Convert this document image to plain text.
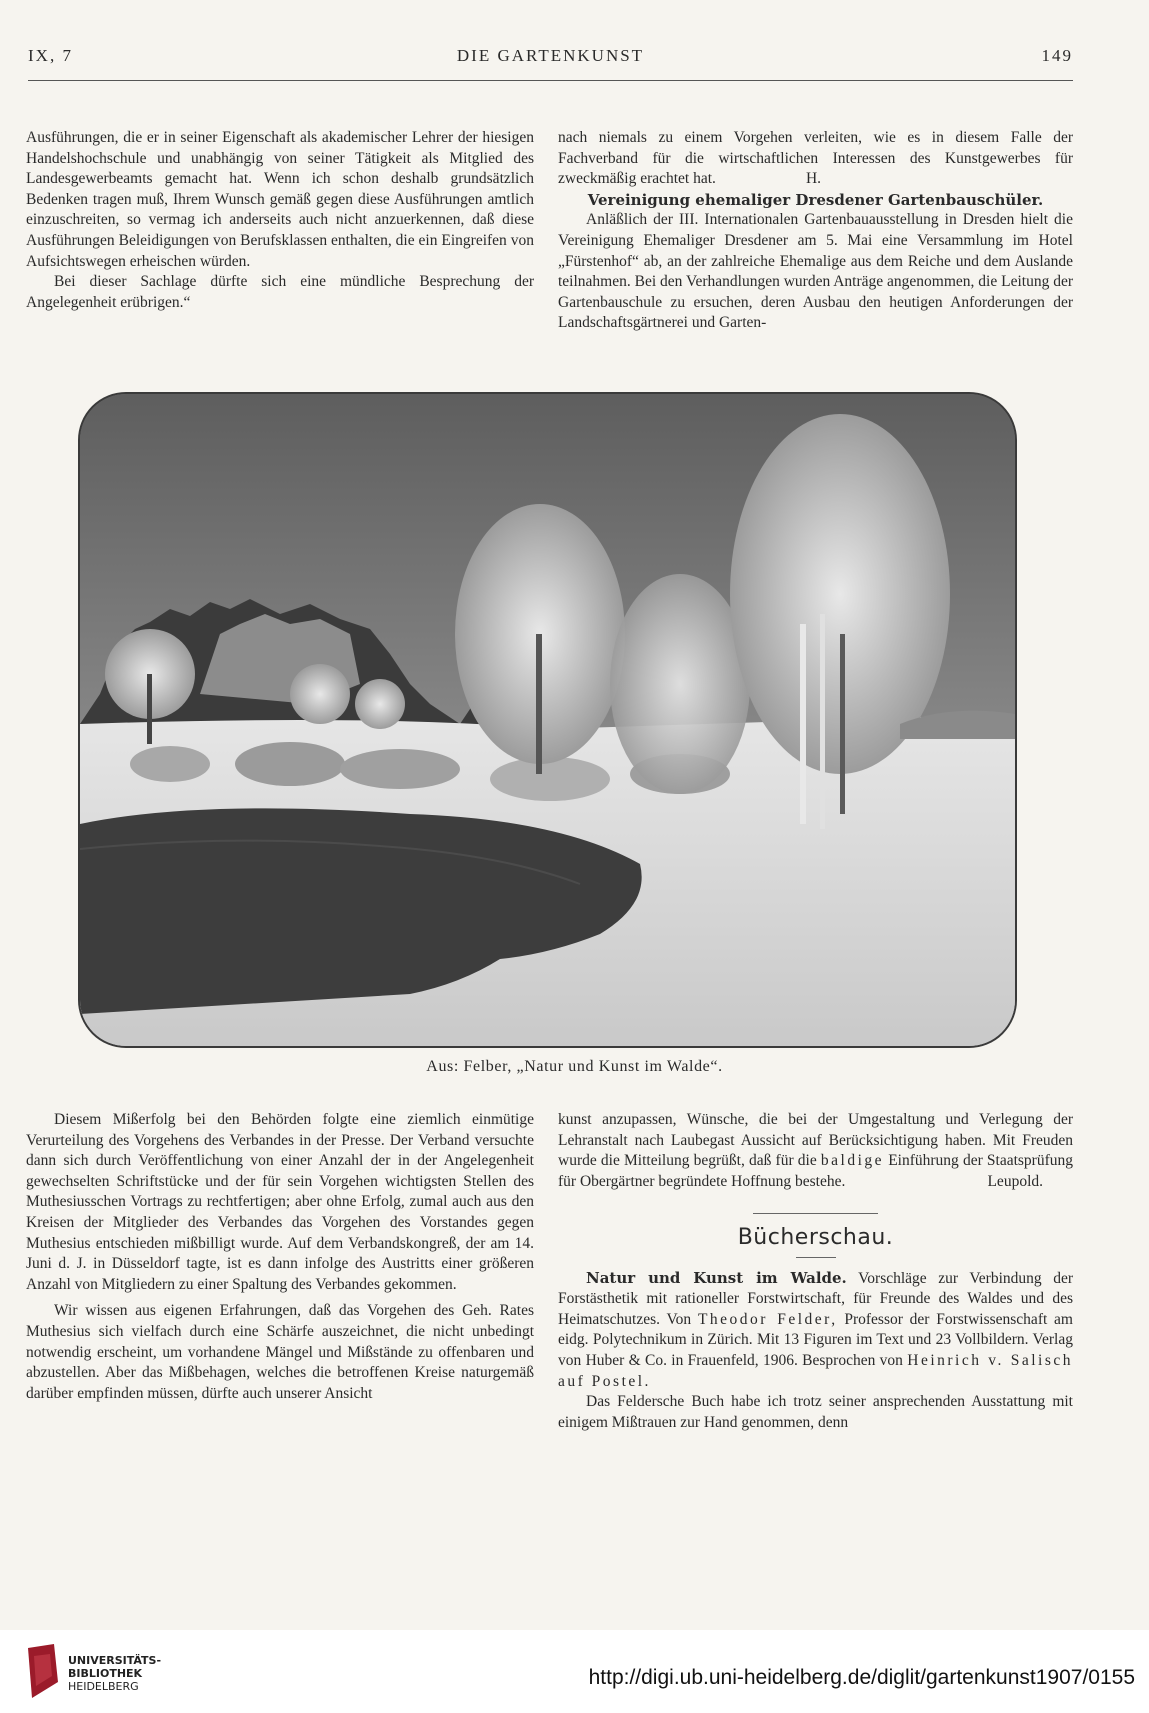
IX, 7	DIE GARTENKUNST	149

Ausführungen, die er in seiner Eigenschaft als akademischer Lehrer der hiesigen Handelshochschule und unabhängig von seiner Tätigkeit als Mitglied des Landesgewerbeamts gemacht hat. Wenn ich schon deshalb grundsätzlich Bedenken tragen muß, Ihrem Wunsch gemäß gegen diese Ausführungen amtlich einzuschreiten, so vermag ich anderseits auch nicht anzuerkennen, daß diese Ausführungen Beleidigungen von Berufsklassen enthalten, die ein Eingreifen von Aufsichtswegen erheischen würden.

Bei dieser Sachlage dürfte sich eine mündliche Besprechung der Angelegenheit erübrigen.“

nach niemals zu einem Vorgehen verleiten, wie es in diesem Falle der Fachverband für die wirtschaftlichen Interessen des Kunstgewerbes für zweckmäßig erachtet hat.	H.

Vereinigung ehemaliger Dresdener Gartenbauschüler.

Anläßlich der III. Internationalen Gartenbauausstellung in Dresden hielt die Vereinigung Ehemaliger Dresdener am 5. Mai eine Versammlung im Hotel „Fürstenhof“ ab, an der zahlreiche Ehemalige aus dem Reiche und dem Auslande teilnahmen. Bei den Verhandlungen wurden Anträge angenommen, die Leitung der Gartenbauschule zu ersuchen, deren Ausbau den heutigen Anforderungen der Landschaftsgärtnerei und Garten-

Aus: Felber, „Natur und Kunst im Walde“.

Diesem Mißerfolg bei den Behörden folgte eine ziemlich einmütige Verurteilung des Vorgehens des Verbandes in der Presse. Der Verband versuchte dann sich durch Veröffentlichung von einer Anzahl der in der Angelegenheit gewechselten Schriftstücke und der für sein Vorgehen wichtigsten Stellen des Muthesiusschen Vortrags zu rechtfertigen; aber ohne Erfolg, zumal auch aus den Kreisen der Mitglieder des Verbandes das Vorgehen des Vorstandes gegen Muthesius entschieden mißbilligt wurde. Auf dem Verbandskongreß, der am 14. Juni d. J. in Düsseldorf tagte, ist es dann infolge des Austritts einer größeren Anzahl von Mitgliedern zu einer Spaltung des Verbandes gekommen.

Wir wissen aus eigenen Erfahrungen, daß das Vorgehen des Geh. Rates Muthesius sich vielfach durch eine Schärfe auszeichnet, die nicht unbedingt notwendig erscheint, um vorhandene Mängel und Mißstände zu offenbaren und abzustellen. Aber das Mißbehagen, welches die betroffenen Kreise naturgemäß darüber empfinden müssen, dürfte auch unserer Ansicht

kunst anzupassen, Wünsche, die bei der Umgestaltung und Verlegung der Lehranstalt nach Laubegast Aussicht auf Berücksichtigung haben. Mit Freuden wurde die Mitteilung begrüßt, daß für die baldige Einführung der Staatsprüfung für Obergärtner begründete Hoffnung bestehe.	Leupold.
Bücherschau.

Natur und Kunst im Walde. Vorschläge zur Verbindung der Forstästhetik mit rationeller Forstwirtschaft, für Freunde des Waldes und des Heimatschutzes. Von Theodor Felder, Professor der Forstwissenschaft am eidg. Polytechnikum in Zürich. Mit 13 Figuren im Text und 23 Vollbildern. Verlag von Huber & Co. in Frauenfeld, 1906. Besprochen von Heinrich v. Salisch auf Postel.

Das Feldersche Buch habe ich trotz seiner ansprechenden Ausstattung mit einigem Mißtrauen zur Hand genommen, denn

UNIVERSITÄTS-
BIBLIOTHEK
HEIDELBERG	http://digi.ub.uni-heidelberg.de/diglit/gartenkunst1907/0155
